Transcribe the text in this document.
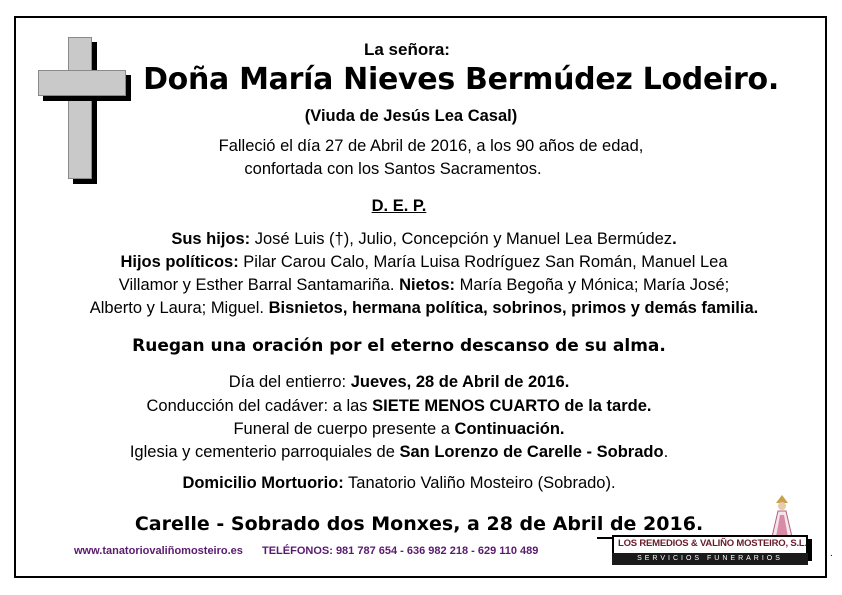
La señora:
Doña María Nieves Bermúdez Lodeiro.
(Viuda de Jesús Lea Casal)
Falleció el día 27 de Abril de 2016, a los 90 años de edad,
confortada con los Santos Sacramentos.
D. E. P.
Sus hijos: José Luis (†), Julio, Concepción y Manuel Lea Bermúdez.
Hijos políticos: Pilar Carou Calo, María Luisa Rodríguez San Román, Manuel Lea
Villamor y Esther Barral Santamariña. Nietos: María Begoña y Mónica; María José;
Alberto y Laura; Miguel. Bisnietos, hermana política, sobrinos, primos y demás familia.
Ruegan una oración por el eterno descanso de su alma.
Día del entierro: Jueves, 28 de Abril de 2016.
Conducción del cadáver: a las SIETE MENOS CUARTO de la tarde.
Funeral de cuerpo presente a Continuación.
Iglesia y cementerio parroquiales de San Lorenzo de Carelle - Sobrado.
Domicilio Mortuorio: Tanatorio Valiño Mosteiro (Sobrado).
Carelle - Sobrado dos Monxes, a 28 de Abril de 2016.
www.tanatoriovaliñomosteiro.es TELÉFONOS: 981 787 654 - 636 982 218 - 629 110 489
LOS REMEDIOS & VALIÑO MOSTEIRO, S.L.
SERVICIOS FUNERARIOS	.
